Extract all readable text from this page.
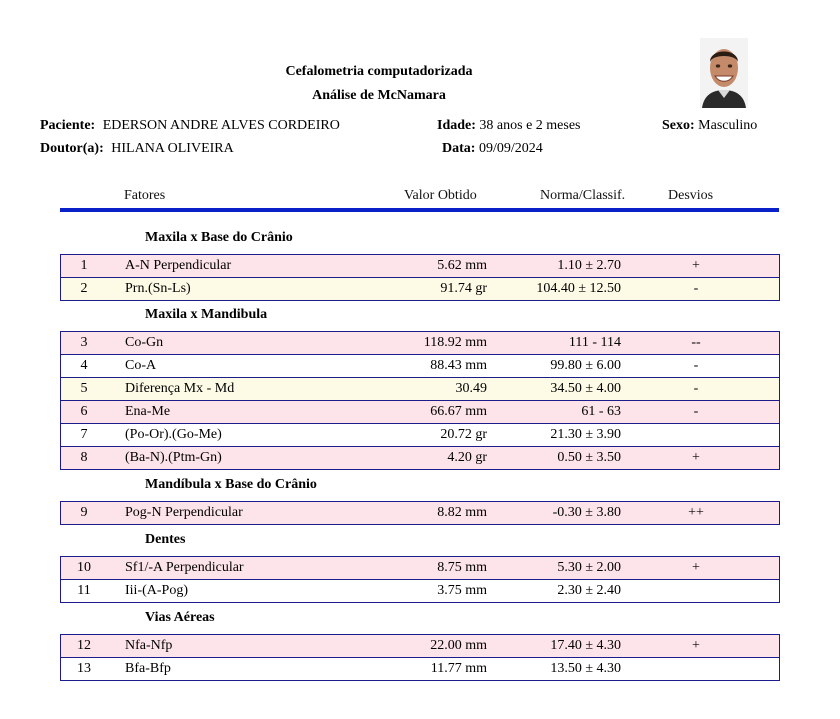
Cefalometria computadorizada
Análise de McNamara
Paciente: EDERSON ANDRE ALVES CORDEIRO	Idade: 38 anos e 2 meses	Sexo: Masculino
Doutor(a): HILANA OLIVEIRA	Data: 09/09/2024
Fatores	Valor Obtido	Norma/Classif.	Desvios
Maxila x Base do Crânio
1	A-N Perpendicular	5.62 mm	1.10 ± 2.70	+
2	Prn.(Sn-Ls)	91.74 gr	104.40 ± 12.50	-
Maxila x Mandibula
3	Co-Gn	118.92 mm	111 - 114	--
4	Co-A	88.43 mm	99.80 ± 6.00	-
5	Diferença Mx - Md	30.49	34.50 ± 4.00	-
6	Ena-Me	66.67 mm	61 - 63	-
7	(Po-Or).(Go-Me)	20.72 gr	21.30 ± 3.90
8	(Ba-N).(Ptm-Gn)	4.20 gr	0.50 ± 3.50	+
Mandíbula x Base do Crânio
9	Pog-N Perpendicular	8.82 mm	-0.30 ± 3.80	++
Dentes
10	Sf1/-A Perpendicular	8.75 mm	5.30 ± 2.00	+
11	Iii-(A-Pog)	3.75 mm	2.30 ± 2.40
Vias Aéreas
12	Nfa-Nfp	22.00 mm	17.40 ± 4.30	+
13	Bfa-Bfp	11.77 mm	13.50 ± 4.30
